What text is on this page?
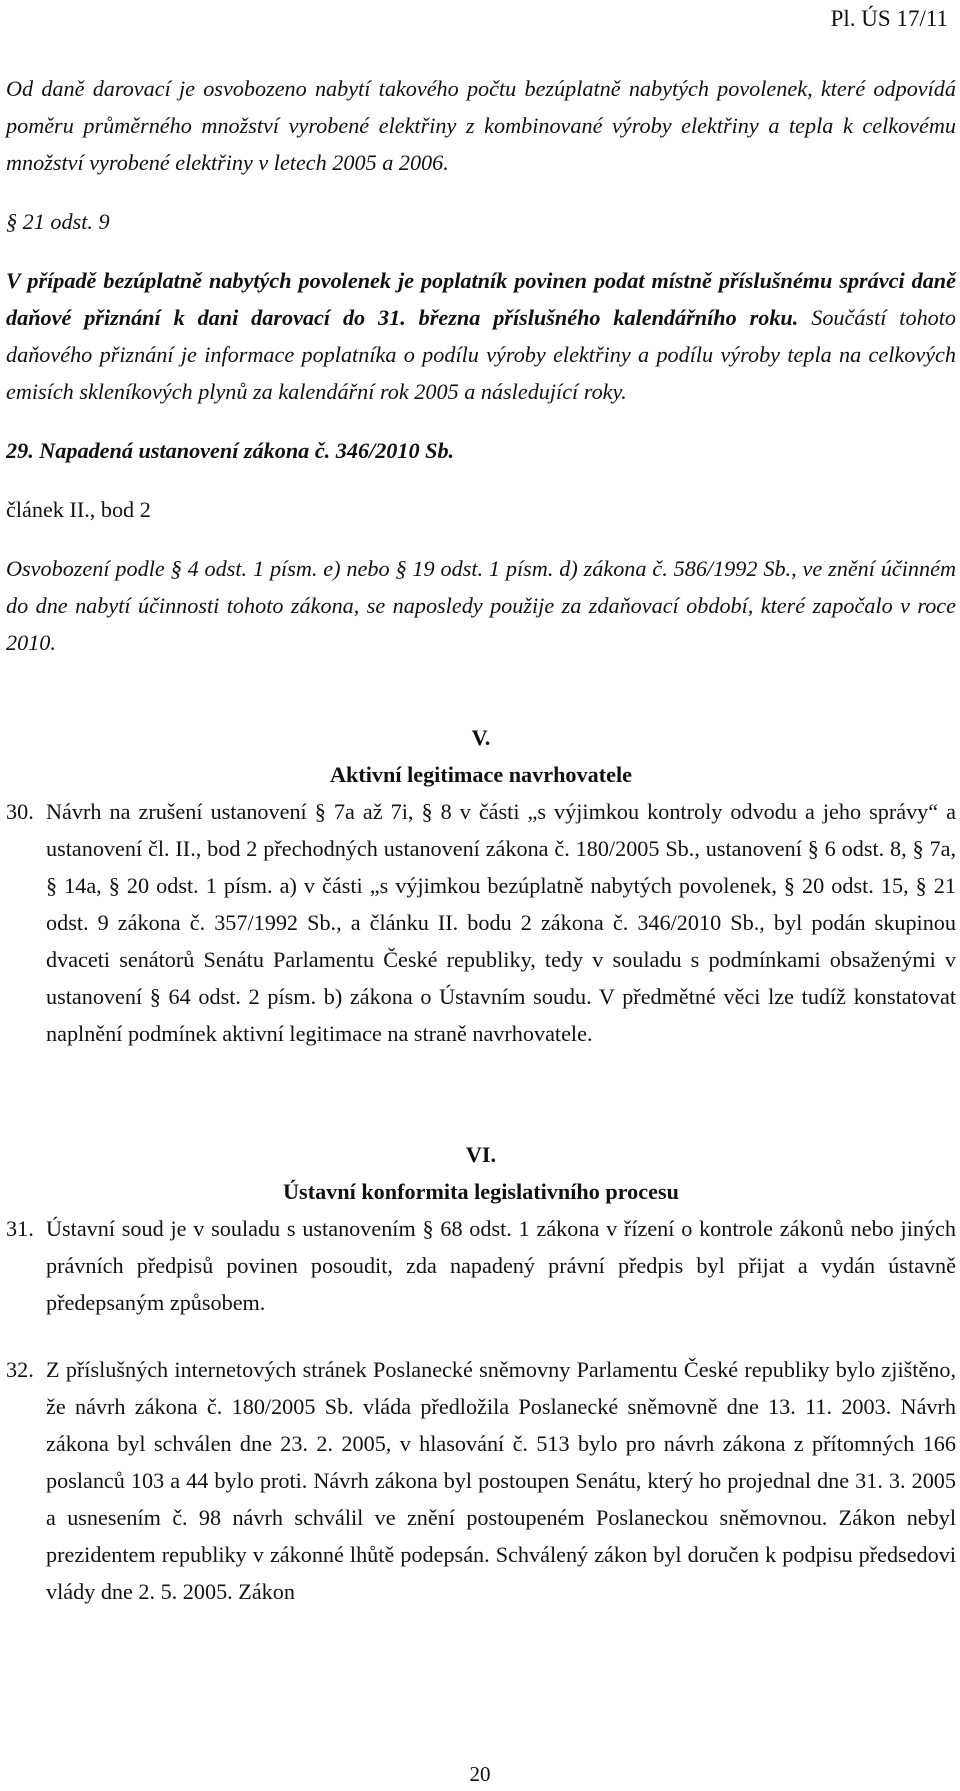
Pl. ÚS 17/11

Od daně darovací je osvobozeno nabytí takového počtu bezúplatně nabytých povolenek, které odpovídá poměru průměrného množství vyrobené elektřiny z kombinované výroby elektřiny a tepla k celkovému množství vyrobené elektřiny v letech 2005 a 2006.

§ 21 odst. 9

V případě bezúplatně nabytých povolenek je poplatník povinen podat místně příslušnému správci daně daňové přiznání k dani darovací do 31. března příslušného kalendářního roku. Součástí tohoto daňového přiznání je informace poplatníka o podílu výroby elektřiny a podílu výroby tepla na celkových emisích skleníkových plynů za kalendářní rok 2005 a následující roky.

29. Napadená ustanovení zákona č. 346/2010 Sb.

článek II., bod 2

Osvobození podle § 4 odst. 1 písm. e) nebo § 19 odst. 1 písm. d) zákona č. 586/1992 Sb., ve znění účinném do dne nabytí účinnosti tohoto zákona, se naposledy použije za zdaňovací období, které započalo v roce 2010.

V.
Aktivní legitimace navrhovatele
30. Návrh na zrušení ustanovení § 7a až 7i, § 8 v části „s výjimkou kontroly odvodu a jeho správy“ a ustanovení čl. II., bod 2 přechodných ustanovení zákona č. 180/2005 Sb., ustanovení § 6 odst. 8, § 7a, § 14a, § 20 odst. 1 písm. a) v části „s výjimkou bezúplatně nabytých povolenek, § 20 odst. 15, § 21 odst. 9 zákona č. 357/1992 Sb., a článku II. bodu 2 zákona č. 346/2010 Sb., byl podán skupinou dvaceti senátorů Senátu Parlamentu České republiky, tedy v souladu s podmínkami obsaženými v ustanovení § 64 odst. 2 písm. b) zákona o Ústavním soudu. V předmětné věci lze tudíž konstatovat naplnění podmínek aktivní legitimace na straně navrhovatele.
VI.
Ústavní konformita legislativního procesu
31. Ústavní soud je v souladu s ustanovením § 68 odst. 1 zákona v řízení o kontrole zákonů nebo jiných právních předpisů povinen posoudit, zda napadený právní předpis byl přijat a vydán ústavně předepsaným způsobem.
32. Z příslušných internetových stránek Poslanecké sněmovny Parlamentu České republiky bylo zjištěno, že návrh zákona č. 180/2005 Sb. vláda předložila Poslanecké sněmovně dne 13. 11. 2003. Návrh zákona byl schválen dne 23. 2. 2005, v hlasování č. 513 bylo pro návrh zákona z přítomných 166 poslanců 103 a 44 bylo proti. Návrh zákona byl postoupen Senátu, který ho projednal dne 31. 3. 2005 a usnesením č. 98 návrh schválil ve znění postoupeném Poslaneckou sněmovnou. Zákon nebyl prezidentem republiky v zákonné lhůtě podepsán. Schválený zákon byl doručen k podpisu předsedovi vlády dne 2. 5. 2005. Zákon
20
